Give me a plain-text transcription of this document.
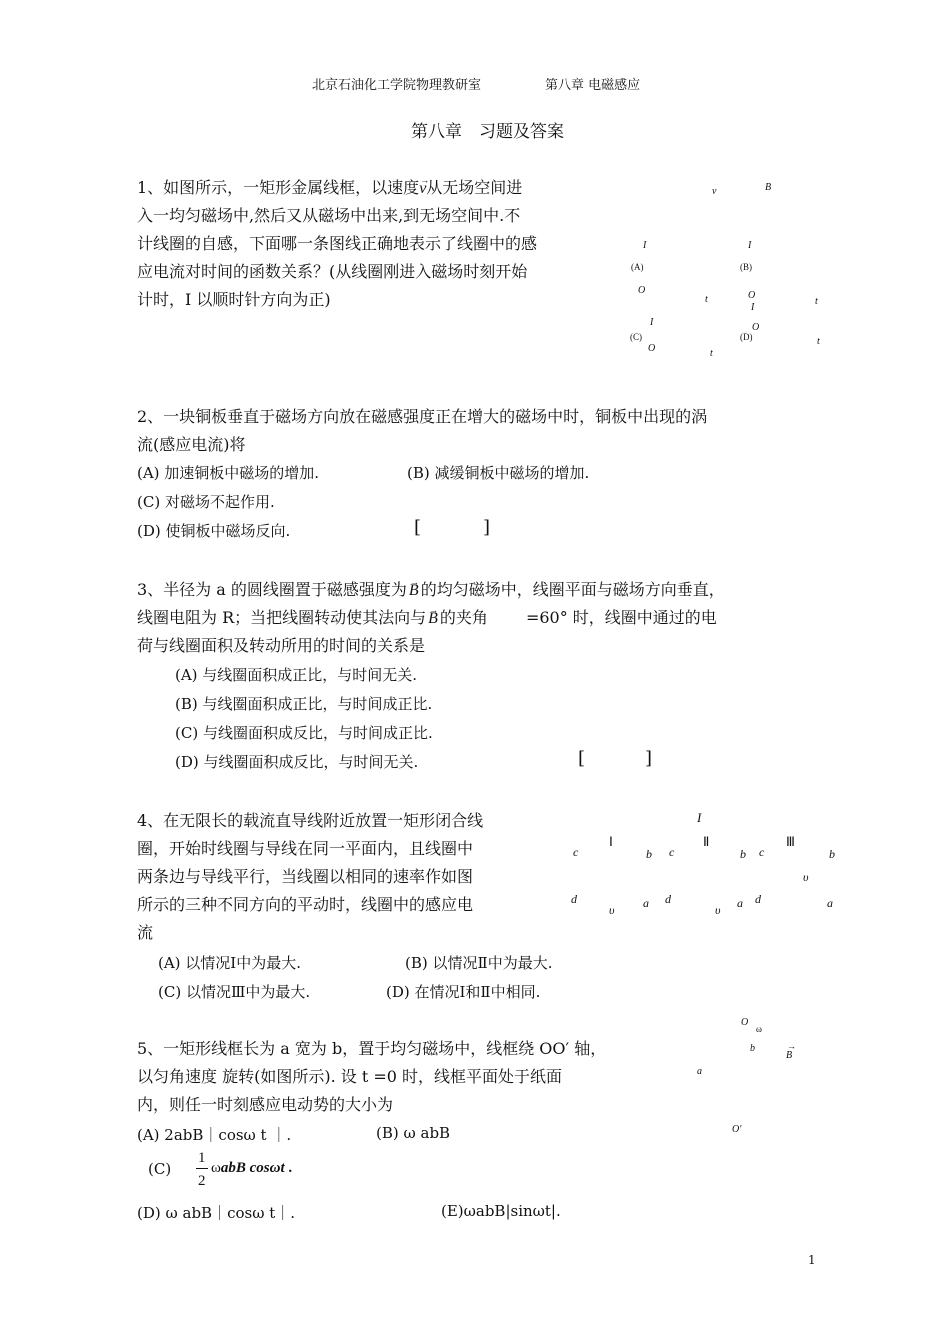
北京石油化工学院物理教研室	第八章 电磁感应
第八章　习题及答案
1、如图所示，一矩形金属线框，以速度→ v从无场空间进
入一均匀磁场中,然后又从磁场中出来,到无场空间中.不
计线圈的自感，下面哪一条图线正确地表示了线圈中的感
应电流对时间的函数关系？(从线圈刚进入磁场时刻开始
计时，I 以顺时针方向为正)
v	B
I	I
(A)	(B)
O
t	O
I
t
I	O
(C)	(D)
O	t
t
2、一块铜板垂直于磁场方向放在磁感强度正在增大的磁场中时，铜板中出现的涡
流(感应电流)将
(A) 加速铜板中磁场的增加.	(B) 减缓铜板中磁场的增加.
(C) 对磁场不起作用.
(D) 使铜板中磁场反向.	[	]
3、半径为 a 的圆线圈置于磁感强度为 → B 的均匀磁场中，线圈平面与磁场方向垂直，
线圈电阻为 R；当把线圈转动使其法向与 → B 的夹角 =60° 时，线圈中通过的电
荷与线圈面积及转动所用的时间的关系是
(A) 与线圈面积成正比，与时间无关.
(B) 与线圈面积成正比，与时间成正比.
(C) 与线圈面积成反比，与时间成正比.
(D) 与线圈面积成反比，与时间无关.	[	]
4、在无限长的载流直导线附近放置一矩形闭合线
圈，开始时线圈与导线在同一平面内，且线圈中
两条边与导线平行，当线圈以相同的速率作如图
所示的三种不同方向的平动时，线圈中的感应电
流
(A) 以情况Ⅰ中为最大.	(B) 以情况Ⅱ中为最大.
(C) 以情况Ⅲ中为最大.	(D) 在情况Ⅰ和Ⅱ中相同.
I
Ⅰ	Ⅱ	Ⅲ
c	b c	b c	b
υ
d
υ a d
υ a d	a
5、一矩形线框长为 a 宽为 b，置于均匀磁场中，线框绕 OO′ 轴，
以匀角速度 旋转(如图所示). 设 t =0 时，线框平面处于纸面
内，则任一时刻感应电动势的大小为
(A) 2abB｜cosω t ｜.	(B) ω abB
(C)
1
2
ωabB cosωt .
(D) ω abB｜cosω t｜.	(E)ωabB|sinωt|.
O
ω
b
→ B
a
O′
1
